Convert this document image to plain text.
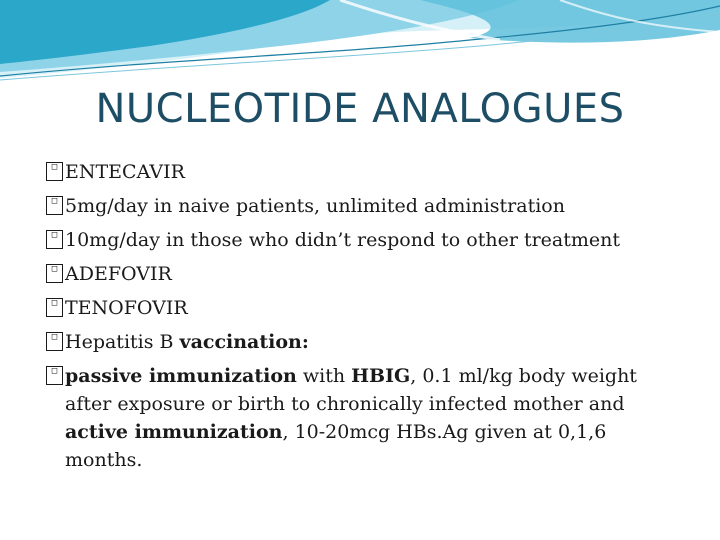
NUCLEOTIDE ANALOGUES
□ ENTECAVIR
□ 5mg/day in naive patients, unlimited administration
□ 10mg/day in those who didn’t respond to other treatment
□ ADEFOVIR
□ TENOFOVIR
□ Hepatitis B vaccination:
□ passive immunization with HBIG, 0.1 ml/kg body weight
after exposure or birth to chronically infected mother and
active immunization, 10-20mcg HBs.Ag given at 0,1,6
months.
